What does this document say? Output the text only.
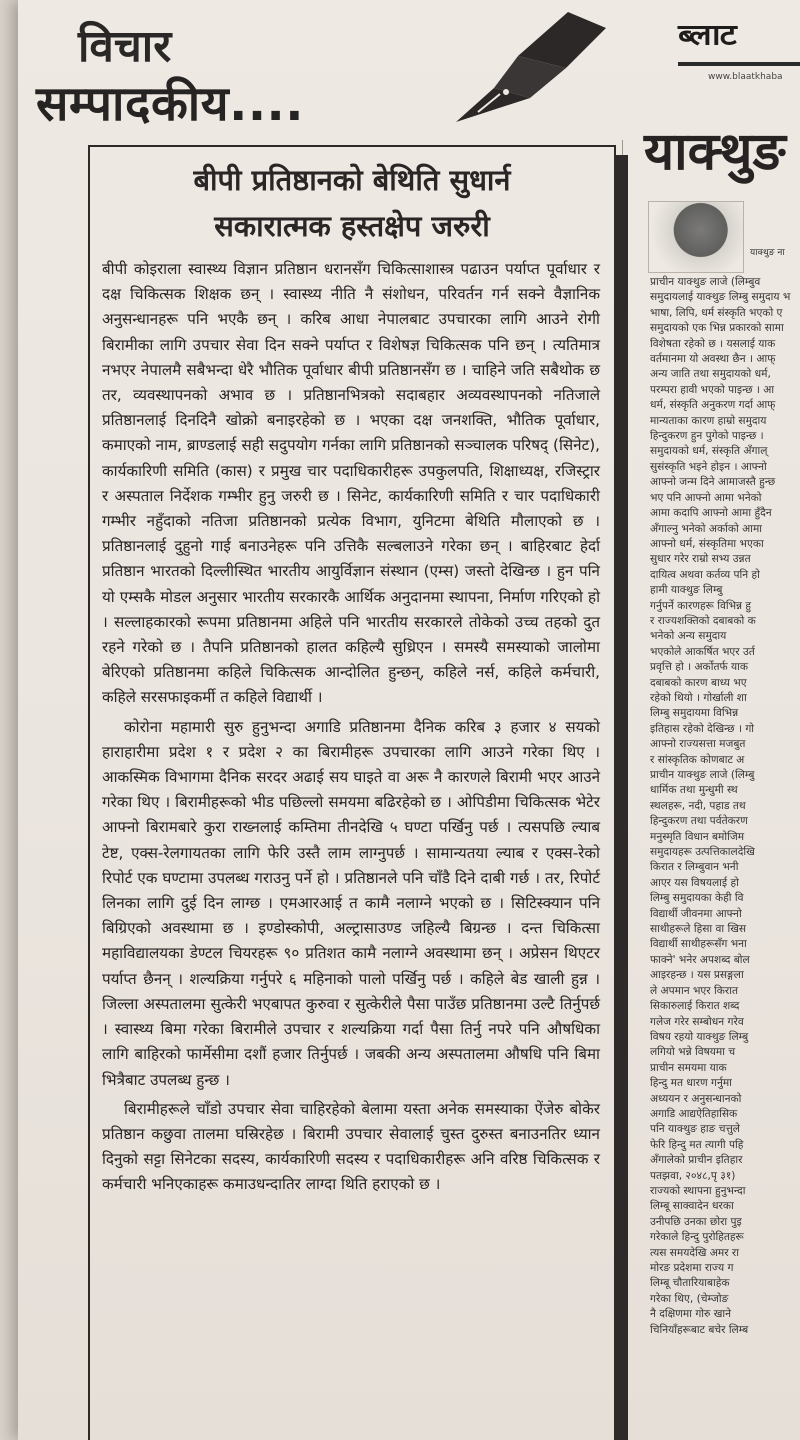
विचार
सम्पादकीय....
ब्लाट
www.blaatkhaba
बीपी प्रतिष्ठानको बेथिति सुधार्न
सकारात्मक हस्तक्षेप जरुरी

बीपी कोइराला स्वास्थ्य विज्ञान प्रतिष्ठान धरानसँग चिकित्साशास्त्र पढाउन पर्याप्त पूर्वाधार र दक्ष चिकित्सक शिक्षक छन् । स्वास्थ्य नीति नै संशोधन, परिवर्तन गर्न सक्ने वैज्ञानिक अनुसन्धानहरू पनि भएकै छन् । करिब आधा नेपालबाट उपचारका लागि आउने रोगी बिरामीका लागि उपचार सेवा दिन सक्ने पर्याप्त र विशेषज्ञ चिकित्सक पनि छन् । त्यतिमात्र नभएर नेपालमै सबैभन्दा धेरै भौतिक पूर्वाधार बीपी प्रतिष्ठानसँग छ । चाहिने जति सबैथोक छ तर, व्यवस्थापनको अभाव छ । प्रतिष्ठानभित्रको सदाबहार अव्यवस्थापनको नतिजाले प्रतिष्ठानलाई दिनदिनै खोक्रो बनाइरहेको छ । भएका दक्ष जनशक्ति, भौतिक पूर्वाधार, कमाएको नाम, ब्राण्डलाई सही सदुपयोग गर्नका लागि प्रतिष्ठानको सञ्चालक परिषद् (सिनेट), कार्यकारिणी समिति (कास) र प्रमुख चार पदाधिकारीहरू उपकुलपति, शिक्षाध्यक्ष, रजिस्ट्रार र अस्पताल निर्देशक गम्भीर हुनु जरुरी छ । सिनेट, कार्यकारिणी समिति र चार पदाधिकारी गम्भीर नहुँदाको नतिजा प्रतिष्ठानको प्रत्येक विभाग, युनिटमा बेथिति मौलाएको छ । प्रतिष्ठानलाई दुहुनो गाई बनाउनेहरू पनि उत्तिकै सल्बलाउने गरेका छन् । बाहिरबाट हेर्दा प्रतिष्ठान भारतको दिल्लीस्थित भारतीय आयुर्विज्ञान संस्थान (एम्स) जस्तो देखिन्छ । हुन पनि यो एम्सकै मोडल अनुसार भारतीय सरकारकै आर्थिक अनुदानमा स्थापना, निर्माण गरिएको हो । सल्लाहकारको रूपमा प्रतिष्ठानमा अहिले पनि भारतीय सरकारले तोकेको उच्च तहको दुत रहने गरेको छ । तैपनि प्रतिष्ठानको हालत कहिल्यै सुध्रिएन । समस्यै समस्याको जालोमा बेरिएको प्रतिष्ठानमा कहिले चिकित्सक आन्दोलित हुन्छन्, कहिले नर्स, कहिले कर्मचारी, कहिले सरसफाइकर्मी त कहिले विद्यार्थी ।

कोरोना महामारी सुरु हुनुभन्दा अगाडि प्रतिष्ठानमा दैनिक करिब ३ हजार ४ सयको हाराहारीमा प्रदेश १ र प्रदेश २ का बिरामीहरू उपचारका लागि आउने गरेका थिए । आकस्मिक विभागमा दैनिक सरदर अढाई सय घाइते वा अरू नै कारणले बिरामी भएर आउने गरेका थिए । बिरामीहरूको भीड पछिल्लो समयमा बढिरहेको छ । ओपिडीमा चिकित्सक भेटेर आफ्नो बिरामबारे कुरा राख्नलाई कम्तिमा तीनदेखि ५ घण्टा पर्खिनु पर्छ । त्यसपछि ल्याब टेष्ट, एक्स-रेलगायतका लागि फेरि उस्तै लाम लाग्नुपर्छ । सामान्यतया ल्याब र एक्स-रेको रिपोर्ट एक घण्टामा उपलब्ध गराउनु पर्ने हो । प्रतिष्ठानले पनि चाँडै दिने दाबी गर्छ । तर, रिपोर्ट लिनका लागि दुई दिन लाग्छ । एमआरआई त कामै नलाग्ने भएको छ । सिटिस्क्यान पनि बिग्रिएको अवस्थामा छ । इण्डोस्कोपी, अल्ट्रासाउण्ड जहिल्यै बिग्रन्छ । दन्त चिकित्सा महाविद्यालयका डेण्टल चियरहरू ९० प्रतिशत कामै नलाग्ने अवस्थामा छन् । अप्रेसन थिएटर पर्याप्त छैनन् । शल्यक्रिया गर्नुपरे ६ महिनाको पालो पर्खिनु पर्छ । कहिले बेड खाली हुन्न । जिल्ला अस्पतालमा सुत्केरी भएबापत कुरुवा र सुत्केरीले पैसा पाउँछ प्रतिष्ठानमा उल्टै तिर्नुपर्छ । स्वास्थ्य बिमा गरेका बिरामीले उपचार र शल्यक्रिया गर्दा पैसा तिर्नु नपरे पनि औषधिका लागि बाहिरको फार्मेसीमा दशौं हजार तिर्नुपर्छ । जबकी अन्य अस्पतालमा औषधि पनि बिमा भित्रैबाट उपलब्ध हुन्छ ।

बिरामीहरूले चाँडो उपचार सेवा चाहिरहेको बेलामा यस्ता अनेक समस्याका ऐंजेरु बोकेर प्रतिष्ठान कछुवा तालमा घस्रिरहेछ । बिरामी उपचार सेवालाई चुस्त दुरुस्त बनाउनतिर ध्यान दिनुको सट्टा सिनेटका सदस्य, कार्यकारिणी सदस्य र पदाधिकारीहरू अनि वरिष्ठ चिकित्सक र कर्मचारी भनिएकाहरू कमाउधन्दातिर लाग्दा थिति हराएको छ ।

याक्थुङ
याक्थुङ ना
प्राचीन याक्थुङ लाजे (लिम्बुव
समुदायलाई याक्थुङ लिम्बु समुदाय भ
भाषा, लिपि, धर्म संस्कृति भएको ए
समुदायको एक भिन्न प्रकारको सामा
विशेषता रहेको छ । यसलाई याक
वर्तमानमा यो अवस्था छैन । आफ्
अन्य जाति तथा समुदायको धर्म,
परम्परा हावी भएको पाइन्छ । आ
धर्म, संस्कृति अनुकरण गर्दा आफ्
मान्यताका कारण हाम्रो समुदाय
हिन्दुकरण हुन पुगेको पाइन्छ ।
समुदायको धर्म, संस्कृति अँगाल्
सुसंस्कृति भइने होइन । आफ्नो
आफ्नो जन्म दिने आमाजस्तै हुन्छ
भए पनि आफ्नो आमा भनेको
आमा कदापि आफ्नो आमा हुँदैन
अँगाल्नु भनेको अर्काको आमा
आफ्नो धर्म, संस्कृतिमा भएका
सुधार गरेर राम्रो सभ्य उन्नत
दायित्व अथवा कर्तव्य पनि हो
हामी याक्थुङ लिम्बु
गर्नुपर्ने कारणहरू विभिन्न हु
र राज्यशक्तिको दबाबको क
भनेको अन्य समुदाय
भएकोले आकर्षित भएर उर्त
प्रवृत्ति हो । अर्कोतर्फ याक
दबाबको कारण बाध्य भए
रहेको थियो । गोर्खाली शा
लिम्बु समुदायमा विभिन्न
इतिहास रहेको देखिन्छ । गो
आफ्नो राज्यसत्ता मजबुत
र सांस्कृतिक कोणबाट अ
प्राचीन याक्थुङ लाजे (लिम्बु
धार्मिक तथा मुन्धुमी स्थ
स्थलहरू, नदी, पहाड तथ
हिन्दुकरण तथा पर्वतेकरण
मनुस्मृति विधान बमोजिम
समुदायहरू उत्पत्तिकालदेखि
किरात र लिम्बुवान भनी
आएर यस विषयलाई हो
लिम्बु समुदायका केही वि
विद्यार्थी जीवनमा आफ्नो
साथीहरूले हिसा वा खिस
विद्यार्थी साथीहरूसँग भना
फाक्ने' भनेर अपशब्द बोल
आइरहन्छ । यस प्रसङ्गला
ले अपमान भएर किरात
सिकारुलाई किरात शब्द
गलेज गरेर सम्बोधन गरेव
विषय रहयो याक्थुङ लिम्बु
लगियो भन्ने विषयमा च
प्राचीन समयमा याक
हिन्दु मत धारण गर्नुमा
अध्ययन र अनुसन्धानको
अगाडि आद्यऐतिहासिक
पनि याक्थुङ हाङ चत्तुले
फेरि हिन्दु मत त्यागी पहि
अँगालेको प्राचीन इतिहार
पतझवा, २०४८,पृ ३१)
राज्यको स्थापना हुनुभन्दा
लिम्बू साक्वादेन धरका
उनीपछि उनका छोरा पुइ
गरेकाले हिन्दु पुरोहितहरू
त्यस समयदेखि अमर रा
मोरङ प्रदेशमा राज्य ग
लिम्बू चौतारियाबाहेक
गरेका थिए, (चेम्जोङ
नै दक्षिणमा गोरु खाने
चिनियाँहरूबाट बचेर लिम्ब
